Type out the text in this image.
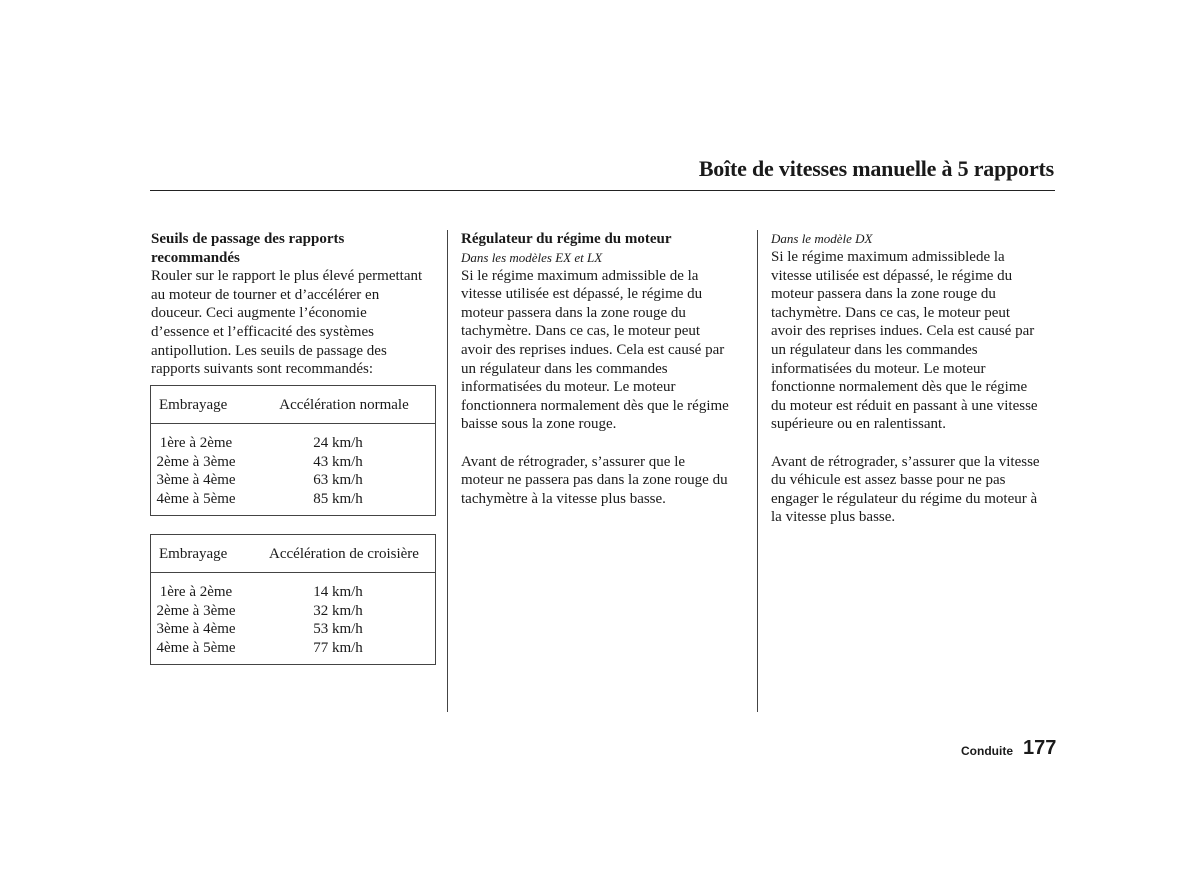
Boîte de vitesses manuelle à 5 rapports
Seuils de passage des rapports
recommandés
Rouler sur le rapport le plus élevé permettant
au moteur de tourner et d’accélérer en
douceur. Ceci augmente l’économie
d’essence et l’efficacité des systèmes
antipollution. Les seuils de passage des
rapports suivants sont recommandés:
Embrayage	Accélération normale
1ère à 2ème	24 km/h
2ème à 3ème	43 km/h
3ème à 4ème	63 km/h
4ème à 5ème	85 km/h
Embrayage	Accélération de croisière
1ère à 2ème	14 km/h
2ème à 3ème	32 km/h
3ème à 4ème	53 km/h
4ème à 5ème	77 km/h
Régulateur du régime du moteur
Dans les modèles EX et LX
Si le régime maximum admissible de la
vitesse utilisée est dépassé, le régime du
moteur passera dans la zone rouge du
tachymètre. Dans ce cas, le moteur peut
avoir des reprises indues. Cela est causé par
un régulateur dans les commandes
informatisées du moteur. Le moteur
fonctionnera normalement dès que le régime
baisse sous la zone rouge.
Avant de rétrograder, s’assurer que le
moteur ne passera pas dans la zone rouge du
tachymètre à la vitesse plus basse.
Dans le modèle DX
Si le régime maximum admissiblede la
vitesse utilisée est dépassé, le régime du
moteur passera dans la zone rouge du
tachymètre. Dans ce cas, le moteur peut
avoir des reprises indues. Cela est causé par
un régulateur dans les commandes
informatisées du moteur. Le moteur
fonctionne normalement dès que le régime
du moteur est réduit en passant à une vitesse
supérieure ou en ralentissant.
Avant de rétrograder, s’assurer que la vitesse
du véhicule est assez basse pour ne pas
engager le régulateur du régime du moteur à
la vitesse plus basse.
Conduite 177
